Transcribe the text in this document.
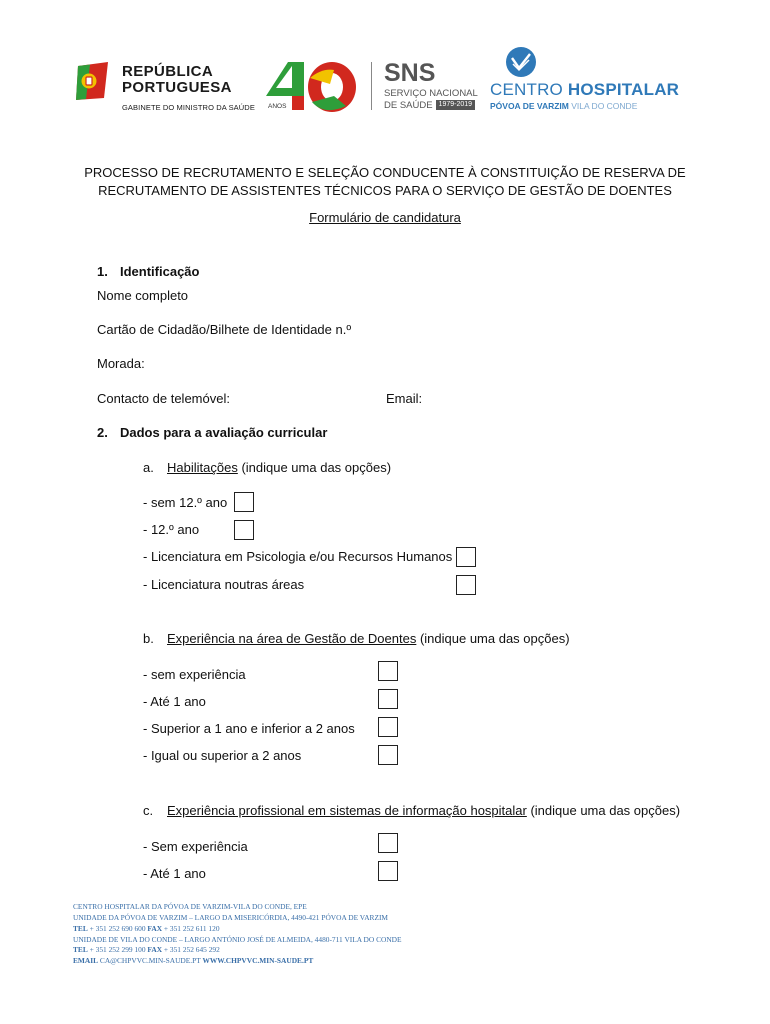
REPÚBLICA
PORTUGUESA
GABINETE DO MINISTRO DA SAÚDE ANOS
SNS
SERVIÇO NACIONAL
DE SAÚDE 1979-2019
CENTRO HOSPITALAR
PÓVOA DE VARZIM VILA DO CONDE
PROCESSO DE RECRUTAMENTO E SELEÇÃO CONDUCENTE À CONSTITUIÇÃO DE RESERVA DE
RECRUTAMENTO DE ASSISTENTES TÉCNICOS PARA O SERVIÇO DE GESTÃO DE DOENTES
Formulário de candidatura
1. Identificação
Nome completo
Cartão de Cidadão/Bilhete de Identidade n.º
Morada:
Contacto de telemóvel:	Email:
2. Dados para a avaliação curricular
a. Habilitações (indique uma das opções)
- sem 12.º ano
- 12.º ano
- Licenciatura em Psicologia e/ou Recursos Humanos
- Licenciatura noutras áreas
b. Experiência na área de Gestão de Doentes (indique uma das opções)
- sem experiência
- Até 1 ano
- Superior a 1 ano e inferior a 2 anos
- Igual ou superior a 2 anos
c. Experiência profissional em sistemas de informação hospitalar (indique uma das opções)
- Sem experiência
- Até 1 ano
CENTRO HOSPITALAR DA PÓVOA DE VARZIM-VILA DO CONDE, EPE
UNIDADE DA PÓVOA DE VARZIM – LARGO DA MISERICÓRDIA, 4490-421 PÓVOA DE VARZIM
TEL + 351 252 690 600 FAX + 351 252 611 120
UNIDADE DE VILA DO CONDE – LARGO ANTÓNIO JOSÉ DE ALMEIDA, 4480-711 VILA DO CONDE
TEL + 351 252 299 100 FAX + 351 252 645 292
EMAIL CA@CHPVVC.MIN-SAUDE.PT WWW.CHPVVC.MIN-SAUDE.PT
